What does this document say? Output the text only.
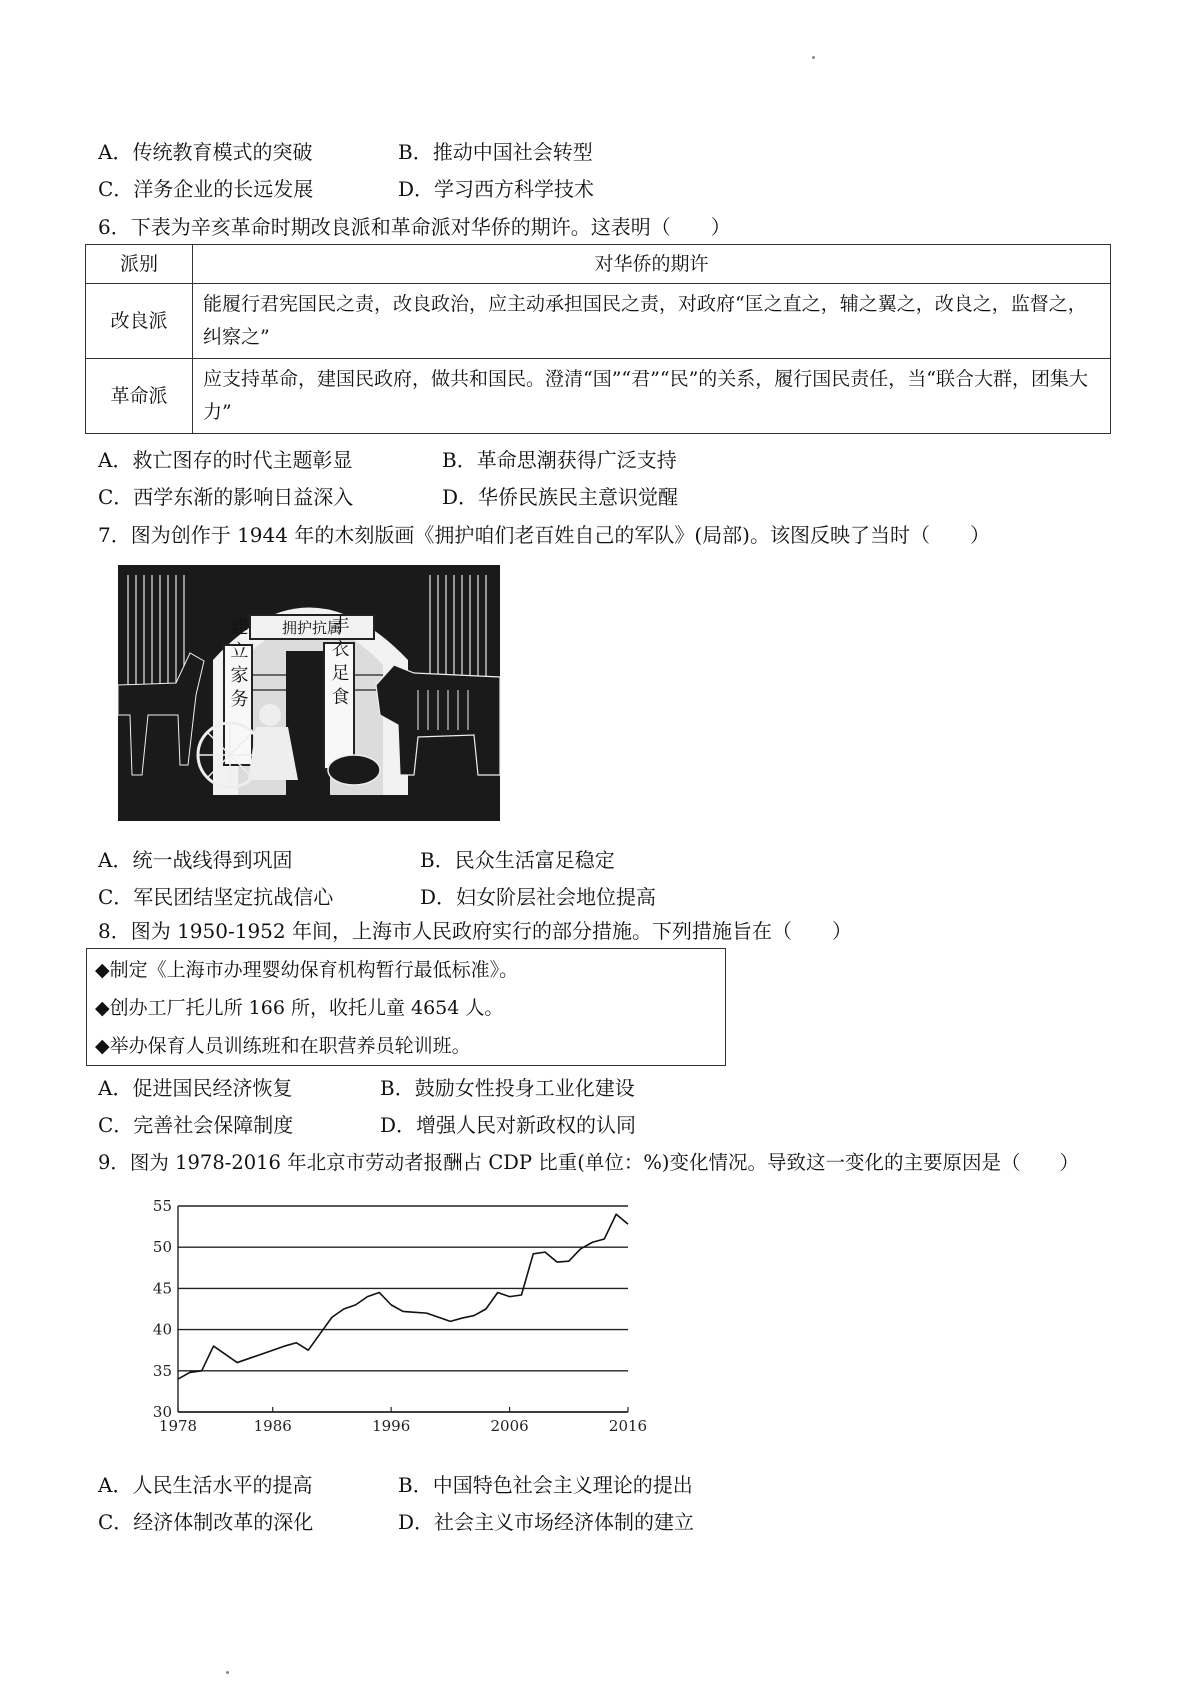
A．传统教育模式的突破	B．推动中国社会转型
C．洋务企业的长远发展	D．学习西方科学技术
6．下表为辛亥革命时期改良派和革命派对华侨的期许。这表明（　　）
派别	对华侨的期许
改良派	能履行君宪国民之责，改良政治，应主动承担国民之责，对政府“匡之直之，辅之翼之，改良之，监督之，纠察之”
革命派	应支持革命，建国民政府，做共和国民。澄清“国”“君”“民”的关系，履行国民责任，当“联合大群，团集大力”
A．救亡图存的时代主题彰显	B．革命思潮获得广泛支持
C．西学东渐的影响日益深入	D．华侨民族民主意识觉醒
7．图为创作于 1944 年的木刻版画《拥护咱们老百姓自己的军队》(局部)。该图反映了当时（　　）
拥护抗属
建立家务	丰衣足食
A．统一战线得到巩固	B．民众生活富足稳定
C．军民团结坚定抗战信心	D．妇女阶层社会地位提高
8．图为 1950-1952 年间，上海市人民政府实行的部分措施。下列措施旨在（　　）
◆制定《上海市办理婴幼保育机构暂行最低标准》。
◆创办工厂托儿所 166 所，收托儿童 4654 人。
◆举办保育人员训练班和在职营养员轮训班。
A．促进国民经济恢复	B．鼓励女性投身工业化建设
C．完善社会保障制度	D．增强人民对新政权的认同
9．图为 1978-2016 年北京市劳动者报酬占 CDP 比重(单位：%)变化情况。导致这一变化的主要原因是（　　）
30
35
40
45
50
55
1978	1986	1996	2006	2016
A．人民生活水平的提高	B．中国特色社会主义理论的提出
C．经济体制改革的深化	D．社会主义市场经济体制的建立
